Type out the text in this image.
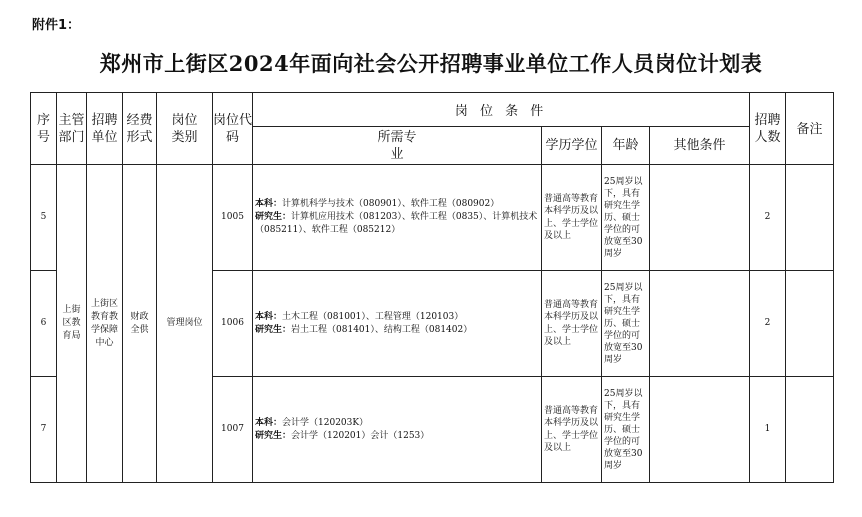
附件1：
郑州市上街区2024年面向社会公开招聘事业单位工作人员岗位计划表
序号	主管部门	招聘单位	经费形式	岗位类别	岗位代码	岗 位 条 件				招聘人数	备注
						所需专业	学历学位	年龄	其他条件		
5	上街区教育局	上街区教育教学保障中心	财政全供	管理岗位	1005	本科：计算机科学与技术（080901）、软件工程（080902）
研究生：计算机应用技术（081203）、软件工程（0835）、计算机技术（085211）、软件工程（085212）	普通高等教育本科学历及以上、学士学位及以上	25周岁以下，具有研究生学历、硕士学位的可放宽至30周岁		2	
6					1006	本科：土木工程（081001）、工程管理（120103）
研究生：岩土工程（081401）、结构工程（081402）	普通高等教育本科学历及以上、学士学位及以上	25周岁以下，具有研究生学历、硕士学位的可放宽至30周岁		2	
7					1007	本科：会计学（120203K）
研究生：会计学（120201）会计（1253）	普通高等教育本科学历及以上、学士学位及以上	25周岁以下，具有研究生学历、硕士学位的可放宽至30周岁		1	
